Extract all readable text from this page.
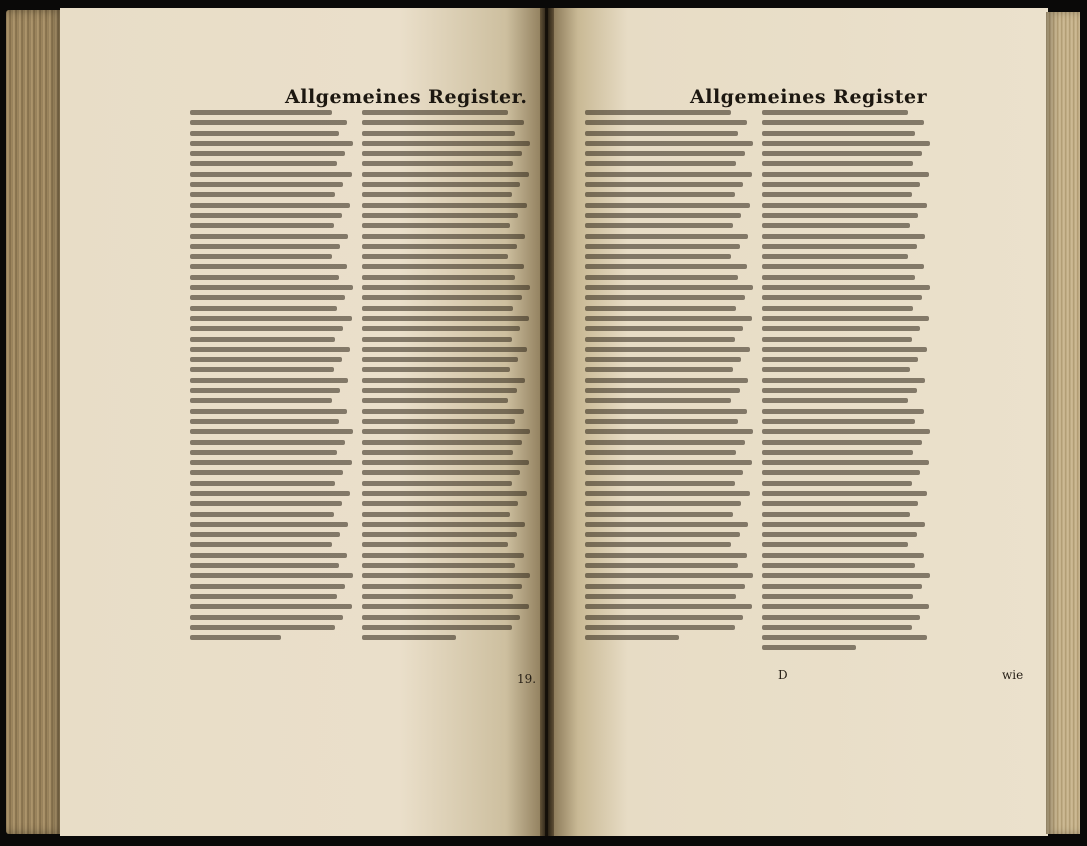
Allgemeines Register.	Allgemeines Register
19.	D	wie
